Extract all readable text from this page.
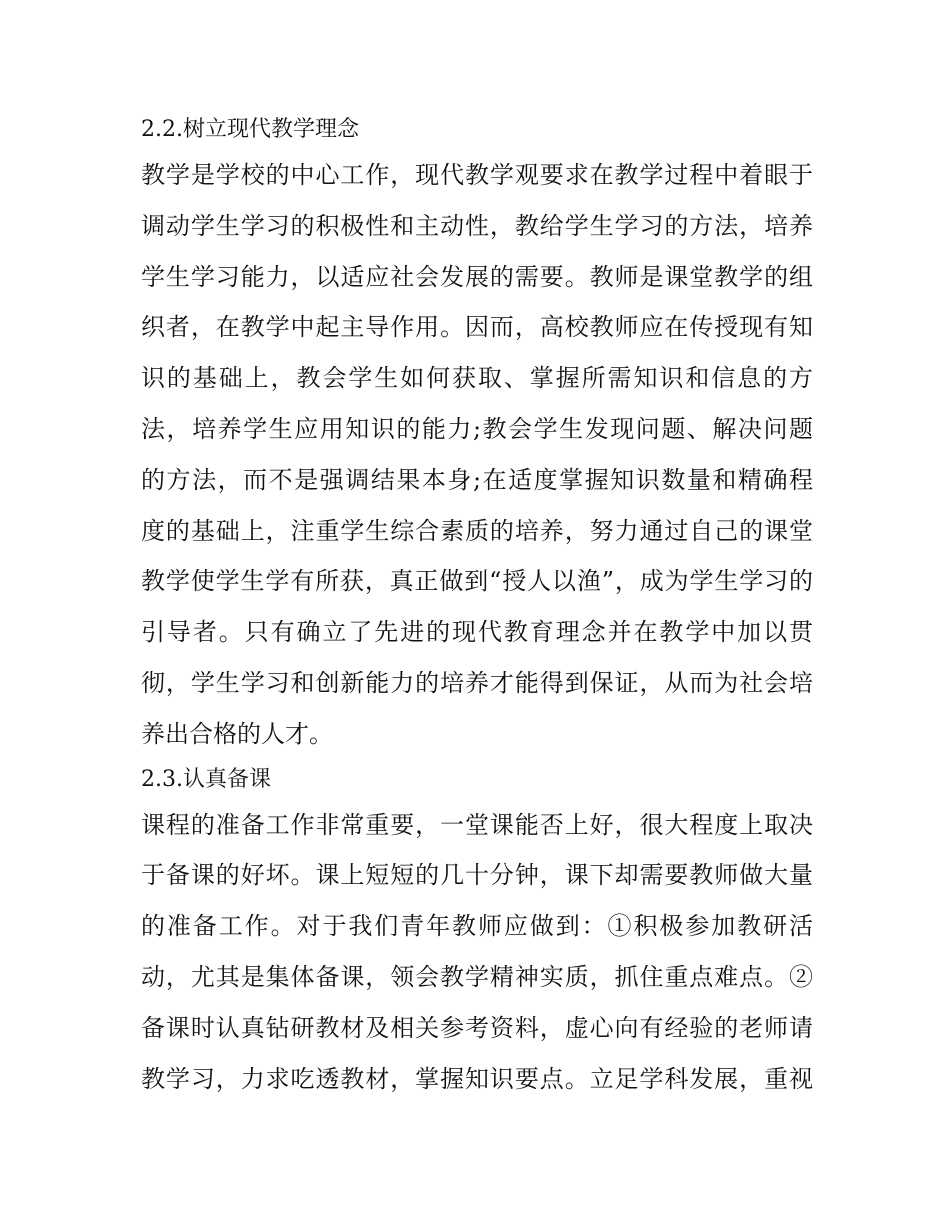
2.2.树立现代教学理念
教学是学校的中心工作，现代教学观要求在教学过程中着眼于
调动学生学习的积极性和主动性，教给学生学习的方法，培养
学生学习能力，以适应社会发展的需要。教师是课堂教学的组
织者，在教学中起主导作用。因而，高校教师应在传授现有知
识的基础上，教会学生如何获取、掌握所需知识和信息的方
法，培养学生应用知识的能力;教会学生发现问题、解决问题
的方法，而不是强调结果本身;在适度掌握知识数量和精确程
度的基础上，注重学生综合素质的培养，努力通过自己的课堂
教学使学生学有所获，真正做到“授人以渔”，成为学生学习的
引导者。只有确立了先进的现代教育理念并在教学中加以贯
彻，学生学习和创新能力的培养才能得到保证，从而为社会培
养出合格的人才。
2.3.认真备课
课程的准备工作非常重要，一堂课能否上好，很大程度上取决
于备课的好坏。课上短短的几十分钟，课下却需要教师做大量
的准备工作。对于我们青年教师应做到：①积极参加教研活
动，尤其是集体备课，领会教学精神实质，抓住重点难点。②
备课时认真钻研教材及相关参考资料，虚心向有经验的老师请
教学习，力求吃透教材，掌握知识要点。立足学科发展，重视
